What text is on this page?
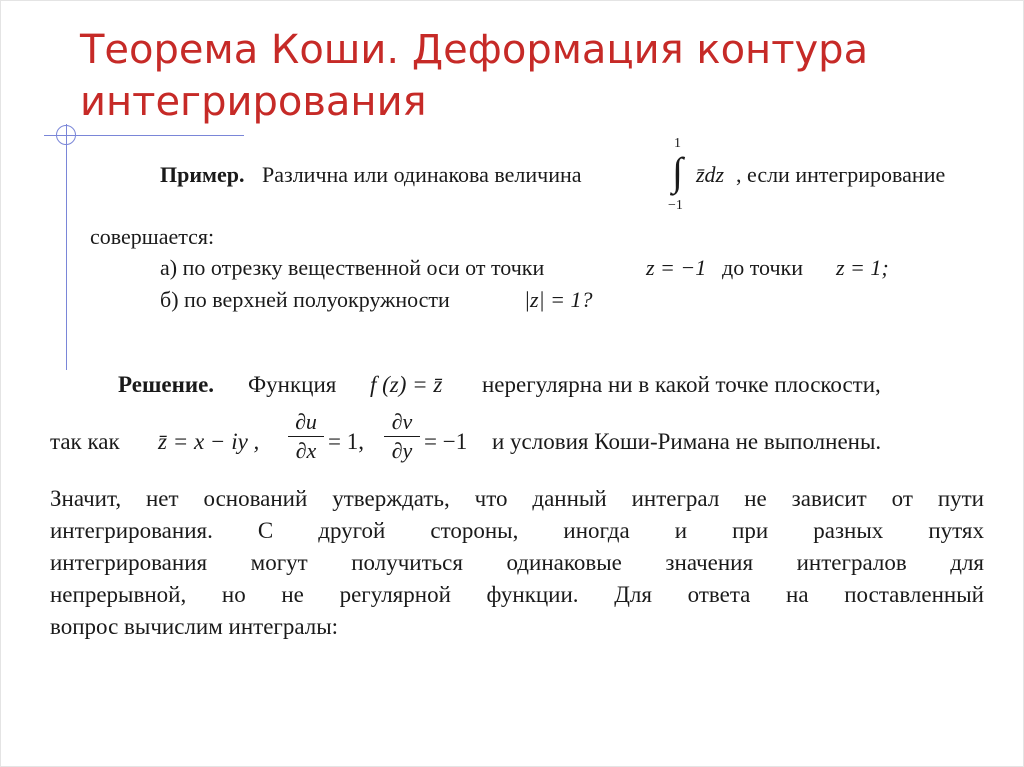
Теорема Коши. Деформация контура интегрирования
Пример. Различна или одинакова величина
1
∫
−1
z̄dz , если интегрирование
совершается:
а) по отрезку вещественной оси от точки	z = −1 до точки z = 1;
б) по верхней полуокружности	|z| = 1?
Решение. Функция f (z) = z̄ нерегулярна ни в какой точке плоскости,
так как z̄ = x − iy ,
∂u
∂x = 1,
∂v
∂y = −1 и условия Коши-Римана не выполнены.
Значит, нет оснований утверждать, что данный интеграл не зависит от пути
интегрирования. С другой стороны, иногда и при разных путях
интегрирования могут получиться одинаковые значения интегралов для
непрерывной, но не регулярной функции. Для ответа на поставленный
вопрос вычислим интегралы:
